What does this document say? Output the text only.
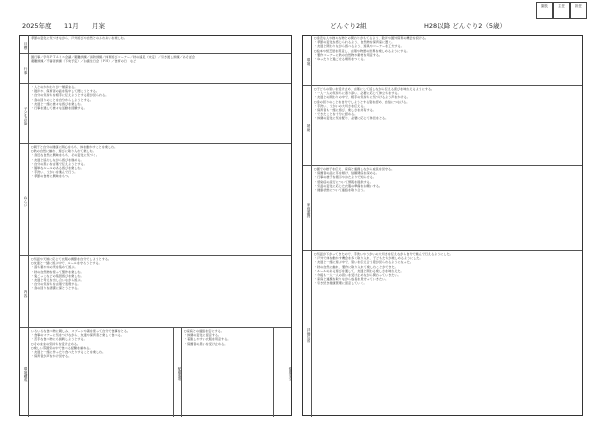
2025年度 11月 月案	どんぐり2組	H28以降 どんぐり2（5歳）
園長	主任	担任
目標

季節の変化に気づきながら、戸外遊びや自然とのふれあいを楽しむ。

行事

園行事／学年ＰＴＡミニ会議／避難訓練／消防訓練／体育遊びコーナー／秋の遠足（未定）／引き渡し訓練／あそぼ会

避難訓練／不審者訓練（下旬予定）／お誕生日会（ＰＨ）／食育の日　など

子どもの姿

・人とのかかわりが一層深まる。

・散歩や、保育者の話を集中して聞こうとする。

・自分の気持ちを相手に伝えようとする姿が見られる。

・身の回りのことを自分からしようとする。

・友達と一緒に様々な遊びを楽しむ。

・行事を通して様々な活動を経験する。

ねらい

○親子と自分の健康に関心をもち、体を動かすことを楽しむ。

○秋の自然に触れ、遊びに取り入れて楽しむ。

・身近な自然に興味をもち、その変化に気づく。

・友達と協力しながら遊びを進める。

・自分の思いを言葉で伝えようとする。

・簡単なルールのある遊びを楽しむ。

・手洗い、うがいを進んで行う。

・季節の食材に興味をもつ。

内容

○気温や天候に応じて衣服の調節を自分でしようとする。

○友達と一緒に遊ぶ中で、ルールを守ろうとする。

・落ち葉や木の実を集めて遊ぶ。

・秋の自然物を使って製作を楽しむ。

・鬼ごっこなどの集団遊びを楽しむ。

・友達と考えを出し合いながら遊ぶ。

・自分の気持ちを言葉で表現する。

・身の回りを清潔に保とうとする。

環境構成

いろいろな食べ物に親しみ、スプーンや箸を使って自分で食事をとる。

・食事のマナーに気をつけながら、友達や保育者と楽しく食べる。

・苦手な食べ物にも挑戦しようとする。

○そのままの気持ちを受け止める。

○楽しい雰囲気の中で食べる経験を重ねる。

・友達と一緒に作ったり食べたりすることを楽しむ。

・保育者が声をかけ見守る。

配慮事項

○家庭との連絡を密にする。

・体調の変化に留意する。

・着脱しやすい衣服を用意する。

・保護者の思いを受け止める。

健康安全
環境

○身近な人や様々な物との関わりがもてるよう、散歩や園外保育の機会を設ける。

・季節の変化を感じられるよう、自然物を保育室に置く。

・友達と関わりながら遊べるよう、遊具やコーナーを工夫する。

○絵本や紙芝居を用意し、言葉や物語の世界を楽しめるようにする。

・製作コーナーに秋の自然物や素材を用意する。

・ゆったりと過ごせる場所をつくる。

援助

○子どもの思いを受け止め、言葉にして返しながら伝える喜びを味わえるようにする。

・一人一人の気持ちに寄り添い、必要に応じて仲立ちをする。

・友達との関わりの中で、相手の気持ちに気づけるよう声をかける。

○身の回りのことを自分でしようとする姿を認め、自信につなげる。

・手洗い、うがいの大切さを伝える。

・保育者も一緒に遊び、楽しさを共有する。

・できたことを十分に認める。

・体調の変化に気を配り、必要に応じて休息をとる。

家庭連携

○園での様子を伝え、家庭と連携しながら成長を見守る。

・保護者の話に耳を傾け、信頼関係を深める。

・行事の様子を掲示やおたよりで知らせる。

・感染症の流行について情報を提供する。

・気温の変化に応じた衣服の準備をお願いする。

・健康状態について連絡を取り合う。

評価反省

○気温が下がってきたので、手洗いやうがいの大切さを伝えながら自分で進んで行えるようにした。

・戸外で体を動かす機会を多く取り入れ、子どもたちが楽しめるようにした。

・友達と一緒に遊ぶ中で、思いを伝え合う姿が見られるようになった。

・秋の自然に触れ、製作に取り入れて楽しむことができた。

・ルールのある遊びを通して、友達と関わる楽しさを味わえた。

・今後も一人一人の思いを受け止めながら関わっていきたい。

・家庭と連携を取りながら成長を見守っていきたい。

・引き続き健康管理に留意していく。
